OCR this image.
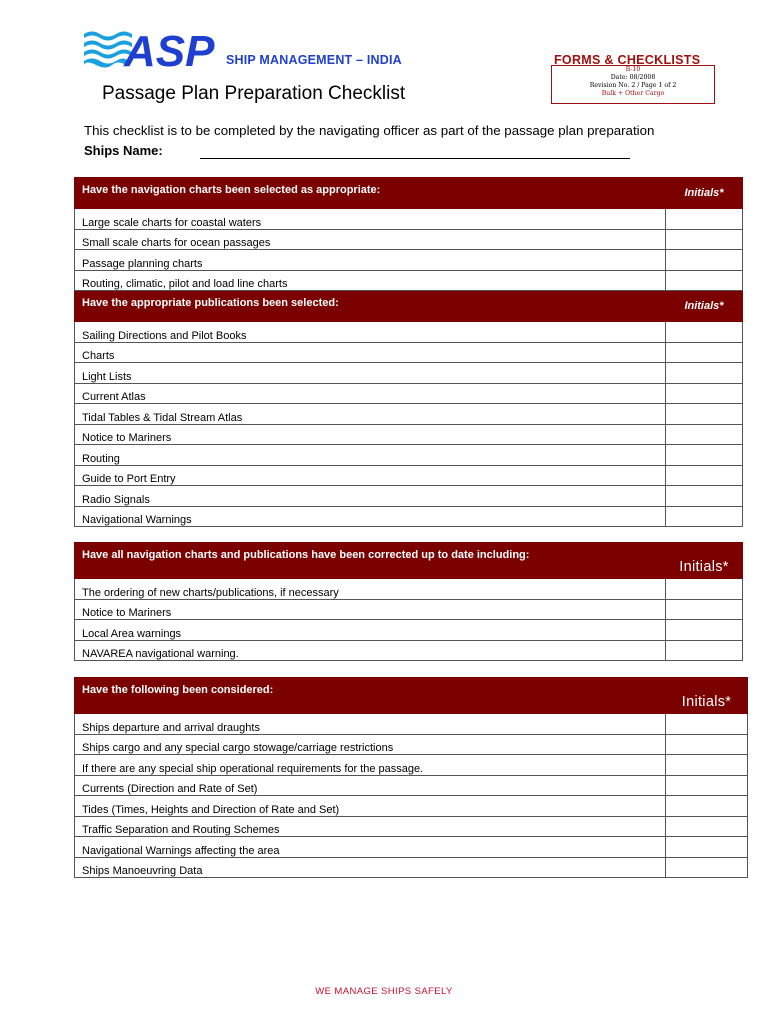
ASP SHIP MANAGEMENT – INDIA
Passage Plan Preparation Checklist
FORMS & CHECKLISTS
B-10
Date: 08/2008
Revision No. 2 / Page 1 of 2
Bulk + Other Cargo
This checklist is to be completed by the navigating officer as part of the passage plan preparation
Ships Name:
Have the navigation charts been selected as appropriate:	Initials*
Large scale charts for coastal waters	
Small scale charts for ocean passages	
Passage planning charts	
Routing, climatic, pilot and load line charts	
Have the appropriate publications been selected:	Initials*
Sailing Directions and Pilot Books	
Charts	
Light Lists	
Current Atlas	
Tidal Tables & Tidal Stream Atlas	
Notice to Mariners	
Routing	
Guide to Port Entry	
Radio Signals	
Navigational Warnings	
Have all navigation charts and publications have been corrected up to date including:	Initials*
The ordering of new charts/publications, if necessary	
Notice to Mariners	
Local Area warnings	
NAVAREA navigational warning.	
Have the following been considered:	Initials*
Ships departure and arrival draughts	
Ships cargo and any special cargo stowage/carriage restrictions	
If there are any special ship operational requirements for the passage.	
Currents (Direction and Rate of Set)	
Tides (Times, Heights and Direction of Rate and Set)	
Traffic Separation and Routing Schemes	
Navigational Warnings affecting the area	
Ships Manoeuvring Data	
WE MANAGE SHIPS SAFELY
